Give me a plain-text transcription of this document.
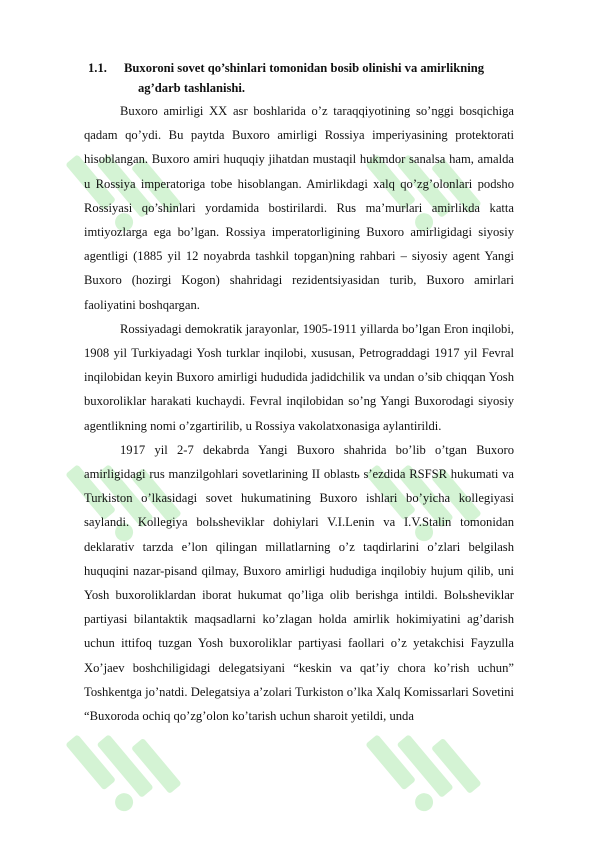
1.1. Buxoroni sovet qo’shinlari tomonidan bosib olinishi va amirlikning
ag’darb tashlanishi.

Buxoro amirligi XX asr boshlarida o’z taraqqiyotining so’nggi bosqichiga qadam qo’ydi. Bu paytda Buxoro amirligi Rossiya imperiyasining protektorati hisoblangan. Buxoro amiri huquqiy jihatdan mustaqil hukmdor sanalsa ham, amalda u Rossiya imperatoriga tobe hisoblangan. Amirlikdagi xalq qo’zg’olonlari podsho Rossiyasi qo’shinlari yordamida bostirilardi. Rus ma’murlari amirlikda katta imtiyozlarga ega bo’lgan. Rossiya imperatorligining Buxoro amirligidagi siyosiy agentligi (1885 yil 12 noyabrda tashkil topgan)ning rahbari – siyosiy agent Yangi Buxoro (hozirgi Kogon) shahridagi rezidentsiyasidan turib, Buxoro amirlari faoliyatini boshqargan.

Rossiyadagi demokratik jarayonlar, 1905-1911 yillarda bo’lgan Eron inqilobi, 1908 yil Turkiyadagi Yosh turklar inqilobi, xususan, Petrograddagi 1917 yil Fevral inqilobidan keyin Buxoro amirligi hududida jadidchilik va undan o’sib chiqqan Yosh buxoroliklar harakati kuchaydi. Fevral inqilobidan so’ng Yangi Buxorodagi siyosiy agentlikning nomi o’zgartirilib, u Rossiya vakolatxonasiga aylantirildi.

1917 yil 2-7 dekabrda Yangi Buxoro shahrida bo’lib o’tgan Buxoro amirligidagi rus manzilgohlari sovetlarining II oblastь s’ezdida RSFSR hukumati va Turkiston o’lkasidagi sovet hukumatining Buxoro ishlari bo’yicha kollegiyasi saylandi. Kollegiya bolьsheviklar dohiylari V.I.Lenin va I.V.Stalin tomonidan deklarativ tarzda e’lon qilingan millatlarning o’z taqdirlarini o’zlari belgilash huquqini nazar-pisand qilmay, Buxoro amirligi hududiga inqilobiy hujum qilib, uni Yosh buxoroliklardan iborat hukumat qo’liga olib berishga intildi. Bolьsheviklar partiyasi bilantaktik maqsadlarni ko’zlagan holda amirlik hokimiyatini ag’darish uchun ittifoq tuzgan Yosh buxoroliklar partiyasi faollari o’z yetakchisi Fayzulla Xo’jaev boshchiligidagi delegatsiyani “keskin va qat’iy chora ko’rish uchun” Toshkentga jo’natdi. Delegatsiya a’zolari Turkiston o’lka Xalq Komissarlari Sovetini “Buxoroda ochiq qo’zg’olon ko’tarish uchun sharoit yetildi, unda
